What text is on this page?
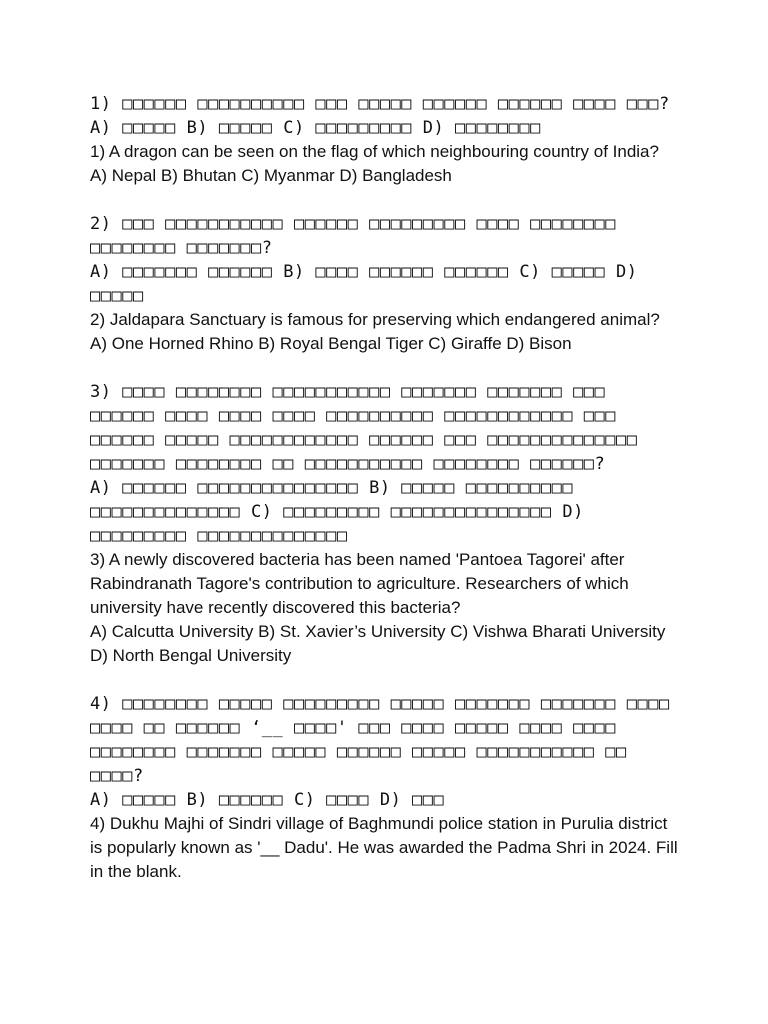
1) □□□□□□ □□□□□□□□□□ □□□ □□□□□ □□□□□□ □□□□□□ □□□□ □□□?

A) □□□□□ B) □□□□□ C) □□□□□□□□□ D) □□□□□□□□

1) A dragon can be seen on the flag of which neighbouring country of India?

A) Nepal B) Bhutan C) Myanmar D) Bangladesh

2) □□□ □□□□□□□□□□□ □□□□□□ □□□□□□□□□ □□□□ □□□□□□□□ □□□□□□□□ □□□□□□□?

A) □□□□□□□ □□□□□□ B) □□□□ □□□□□□ □□□□□□ C) □□□□□ D) □□□□□

2) Jaldapara Sanctuary is famous for preserving which endangered animal?

A) One Horned Rhino B) Royal Bengal Tiger C) Giraffe D) Bison

3) □□□□ □□□□□□□□ □□□□□□□□□□□ □□□□□□□ □□□□□□□ □□□ □□□□□□ □□□□ □□□□ □□□□ □□□□□□□□□□ □□□□□□□□□□□□ □□□ □□□□□□ □□□□□ □□□□□□□□□□□□ □□□□□□ □□□ □□□□□□□□□□□□□□ □□□□□□□ □□□□□□□□ □□ □□□□□□□□□□□ □□□□□□□□ □□□□□□?

A) □□□□□□ □□□□□□□□□□□□□□□ B) □□□□□ □□□□□□□□□□ □□□□□□□□□□□□□□ C) □□□□□□□□□ □□□□□□□□□□□□□□□ D) □□□□□□□□□ □□□□□□□□□□□□□□

3) A newly discovered bacteria has been named 'Pantoea Tagorei' after Rabindranath Tagore's contribution to agriculture. Researchers of which university have recently discovered this bacteria?

A) Calcutta University B) St. Xavier’s University C) Vishwa Bharati University D) North Bengal University

4) □□□□□□□□ □□□□□ □□□□□□□□□ □□□□□ □□□□□□□ □□□□□□□ □□□□ □□□□ □□ □□□□□□ ‘__ □□□□' □□□ □□□□ □□□□□ □□□□ □□□□ □□□□□□□□ □□□□□□□ □□□□□ □□□□□□ □□□□□ □□□□□□□□□□□ □□ □□□□?

A) □□□□□ B) □□□□□□ C) □□□□ D) □□□

4) Dukhu Majhi of Sindri village of Baghmundi police station in Purulia district is popularly known as '__ Dadu'. He was awarded the Padma Shri in 2024. Fill in the blank.
